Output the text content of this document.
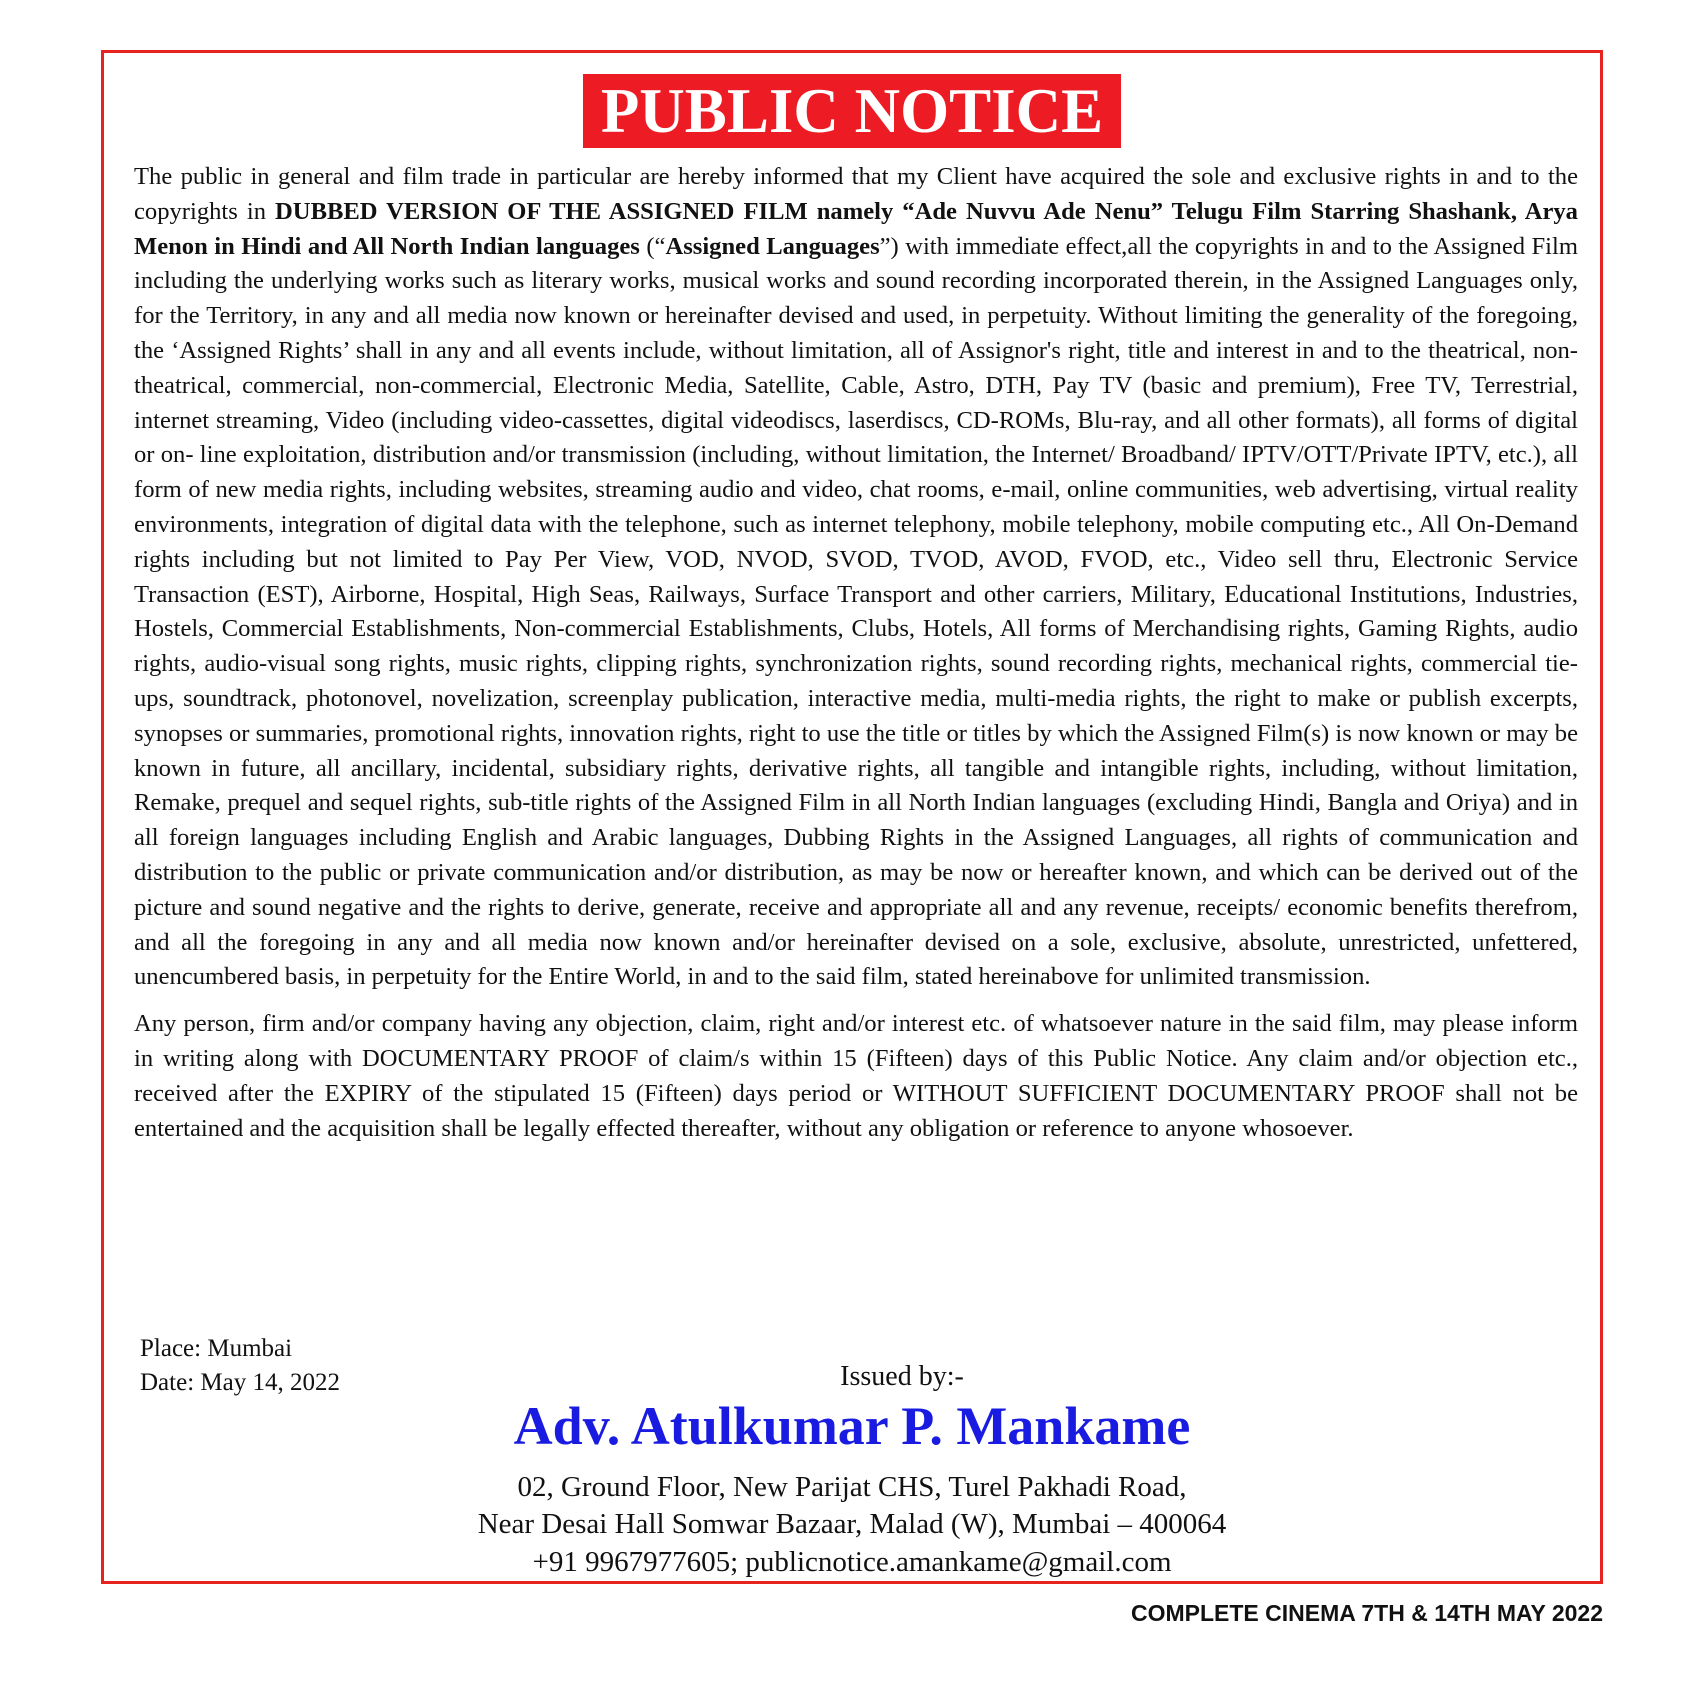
PUBLIC NOTICE

The public in general and film trade in particular are hereby informed that my Client have acquired the sole and exclusive rights in and to the copyrights in DUBBED VERSION OF THE ASSIGNED FILM namely “Ade Nuvvu Ade Nenu” Telugu Film Starring Shashank, Arya Menon in Hindi and All North Indian languages (“Assigned Languages”) with immediate effect,all the copyrights in and to the Assigned Film including the underlying works such as literary works, musical works and sound recording incorporated therein, in the Assigned Languages only, for the Territory, in any and all media now known or hereinafter devised and used, in perpetuity. Without limiting the generality of the foregoing, the ‘Assigned Rights’ shall in any and all events include, without limitation, all of Assignor's right, title and interest in and to the theatrical, non-theatrical, commercial, non-commercial, Electronic Media, Satellite, Cable, Astro, DTH, Pay TV (basic and premium), Free TV, Terrestrial, internet streaming, Video (including video-cassettes, digital videodiscs, laserdiscs, CD-ROMs, Blu-ray, and all other formats), all forms of digital or on- line exploitation, distribution and/or transmission (including, without limitation, the Internet/ Broadband/ IPTV/OTT/Private IPTV, etc.), all form of new media rights, including websites, streaming audio and video, chat rooms, e-mail, online communities, web advertising, virtual reality environments, integration of digital data with the telephone, such as internet telephony, mobile telephony, mobile computing etc., All On-Demand rights including but not limited to Pay Per View, VOD, NVOD, SVOD, TVOD, AVOD, FVOD, etc., Video sell thru, Electronic Service Transaction (EST), Airborne, Hospital, High Seas, Railways, Surface Transport and other carriers, Military, Educational Institutions, Industries, Hostels, Commercial Establishments, Non-commercial Establishments, Clubs, Hotels, All forms of Merchandising rights, Gaming Rights, audio rights, audio-visual song rights, music rights, clipping rights, synchronization rights, sound recording rights, mechanical rights, commercial tie-ups, soundtrack, photonovel, novelization, screenplay publication, interactive media, multi-media rights, the right to make or publish excerpts, synopses or summaries, promotional rights, innovation rights, right to use the title or titles by which the Assigned Film(s) is now known or may be known in future, all ancillary, incidental, subsidiary rights, derivative rights, all tangible and intangible rights, including, without limitation, Remake, prequel and sequel rights, sub-title rights of the Assigned Film in all North Indian languages (excluding Hindi, Bangla and Oriya) and in all foreign languages including English and Arabic languages, Dubbing Rights in the Assigned Languages, all rights of communication and distribution to the public or private communication and/or distribution, as may be now or hereafter known, and which can be derived out of the picture and sound negative and the rights to derive, generate, receive and appropriate all and any revenue, receipts/ economic benefits therefrom, and all the foregoing in any and all media now known and/or hereinafter devised on a sole, exclusive, absolute, unrestricted, unfettered, unencumbered basis, in perpetuity for the Entire World, in and to the said film, stated hereinabove for unlimited transmission.

Any person, firm and/or company having any objection, claim, right and/or interest etc. of whatsoever nature in the said film, may please inform in writing along with DOCUMENTARY PROOF of claim/s within 15 (Fifteen) days of this Public Notice. Any claim and/or objection etc., received after the EXPIRY of the stipulated 15 (Fifteen) days period or WITHOUT SUFFICIENT DOCUMENTARY PROOF shall not be entertained and the acquisition shall be legally effected thereafter, without any obligation or reference to anyone whosoever.

Place: Mumbai
Date: May 14, 2022	Issued by:-
Adv. Atulkumar P. Mankame
02, Ground Floor, New Parijat CHS, Turel Pakhadi Road,
Near Desai Hall Somwar Bazaar, Malad (W), Mumbai – 400064
+91 9967977605; publicnotice.amankame@gmail.com
COMPLETE CINEMA 7TH & 14TH MAY 2022
